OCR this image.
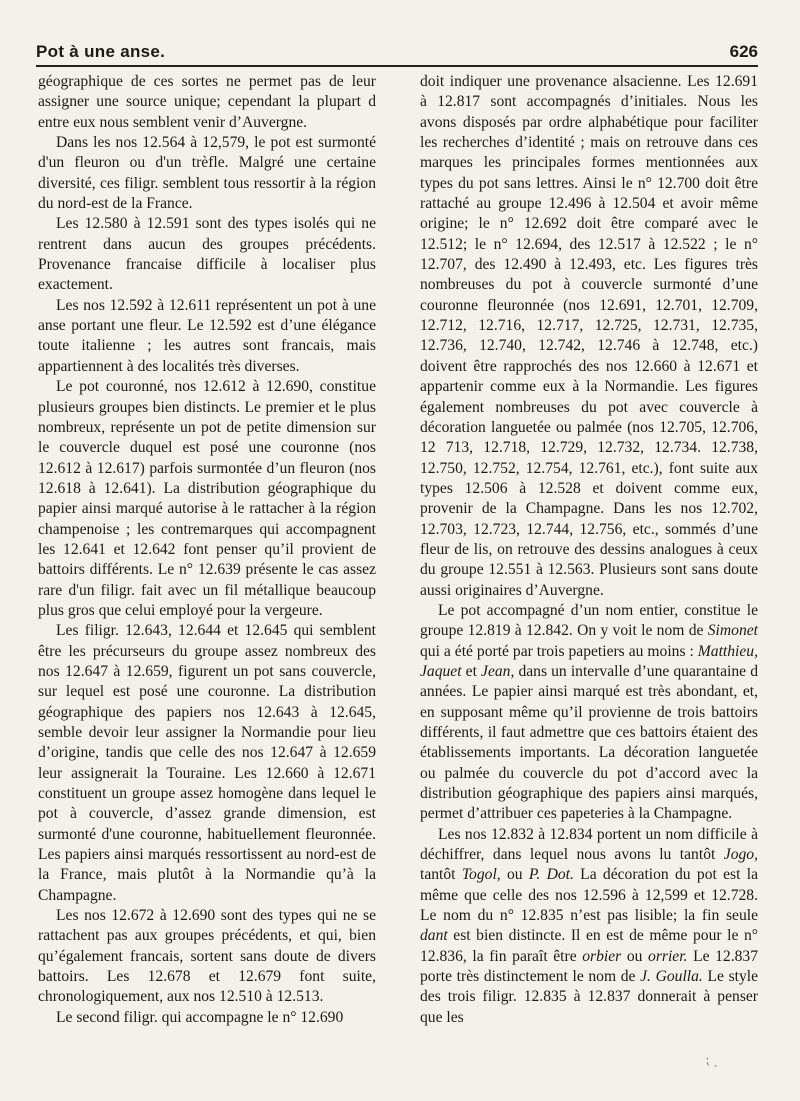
Pot à une anse.	626

géographique de ces sortes ne permet pas de leur assigner une source unique; cependant la plupart d entre eux nous semblent venir d’Auvergne.

Dans les nos 12.564 à 12,579, le pot est surmonté d'un fleuron ou d'un trèfle. Malgré une certaine diversité, ces filigr. semblent tous ressortir à la région du nord-est de la France.

Les 12.580 à 12.591 sont des types isolés qui ne rentrent dans aucun des groupes précédents. Provenance francaise difficile à localiser plus exactement.

Les nos 12.592 à 12.611 représentent un pot à une anse portant une fleur. Le 12.592 est d’une élégance toute italienne ; les autres sont francais, mais appartiennent à des localités très diverses.

Le pot couronné, nos 12.612 à 12.690, constitue plusieurs groupes bien distincts. Le premier et le plus nombreux, représente un pot de petite dimension sur le couvercle duquel est posé une couronne (nos 12.612 à 12.617) parfois surmontée d’un fleuron (nos 12.618 à 12.641). La distribution géographique du papier ainsi marqué autorise à le rattacher à la région champenoise ; les contremarques qui accompagnent les 12.641 et 12.642 font penser qu’il provient de battoirs différents. Le n° 12.639 présente le cas assez rare d'un filigr. fait avec un fil métallique beaucoup plus gros que celui employé pour la vergeure.

Les filigr. 12.643, 12.644 et 12.645 qui semblent être les précurseurs du groupe assez nombreux des nos 12.647 à 12.659, figurent un pot sans couvercle, sur lequel est posé une couronne. La distribution géographique des papiers nos 12.643 à 12.645, semble devoir leur assigner la Normandie pour lieu d’origine, tandis que celle des nos 12.647 à 12.659 leur assignerait la Touraine. Les 12.660 à 12.671 constituent un groupe assez homogène dans lequel le pot à couvercle, d’assez grande dimension, est surmonté d'une couronne, habituellement fleuronnée. Les papiers ainsi marqués ressortissent au nord-est de la France, mais plutôt à la Normandie qu’à la Champagne.

Les nos 12.672 à 12.690 sont des types qui ne se rattachent pas aux groupes précédents, et qui, bien qu’également francais, sortent sans doute de divers battoirs. Les 12.678 et 12.679 font suite, chronologiquement, aux nos 12.510 à 12.513.

Le second filigr. qui accompagne le n° 12.690

doit indiquer une provenance alsacienne. Les 12.691 à 12.817 sont accompagnés d’initiales. Nous les avons disposés par ordre alphabétique pour faciliter les recherches d’identité ; mais on retrouve dans ces marques les principales formes mentionnées aux types du pot sans lettres. Ainsi le n° 12.700 doit être rattaché au groupe 12.496 à 12.504 et avoir même origine; le n° 12.692 doit être comparé avec le 12.512; le n° 12.694, des 12.517 à 12.522 ; le n° 12.707, des 12.490 à 12.493, etc. Les figures très nombreuses du pot à couvercle surmonté d’une couronne fleuronnée (nos 12.691, 12.701, 12.709, 12.712, 12.716, 12.717, 12.725, 12.731, 12.735, 12.736, 12.740, 12.742, 12.746 à 12.748, etc.) doivent être rapprochés des nos 12.660 à 12.671 et appartenir comme eux à la Normandie. Les figures également nombreuses du pot avec couvercle à décoration languetée ou palmée (nos 12.705, 12.706, 12 713, 12.718, 12.729, 12.732, 12.734. 12.738, 12.750, 12.752, 12.754, 12.761, etc.), font suite aux types 12.506 à 12.528 et doivent comme eux, provenir de la Champagne. Dans les nos 12.702, 12.703, 12.723, 12.744, 12.756, etc., sommés d’une fleur de lis, on retrouve des dessins analogues à ceux du groupe 12.551 à 12.563. Plusieurs sont sans doute aussi originaires d’Auvergne.

Le pot accompagné d’un nom entier, constitue le groupe 12.819 à 12.842. On y voit le nom de Simonet qui a été porté par trois papetiers au moins : Matthieu, Jaquet et Jean, dans un intervalle d’une quarantaine d années. Le papier ainsi marqué est très abondant, et, en supposant même qu’il provienne de trois battoirs différents, il faut admettre que ces battoirs étaient des établissements importants. La décoration languetée ou palmée du couvercle du pot d’accord avec la distribution géographique des papiers ainsi marqués, permet d’attribuer ces papeteries à la Champagne.

Les nos 12.832 à 12.834 portent un nom difficile à déchiffrer, dans lequel nous avons lu tantôt Jogo, tantôt Togol, ou P. Dot. La décoration du pot est la même que celle des nos 12.596 à 12,599 et 12.728. Le nom du n° 12.835 n’est pas lisible; la fin seule dant est bien distincte. Il en est de même pour le n° 12.836, la fin paraît être orbier ou orrier. Le 12.837 porte très distinctement le nom de J. Goulla. Le style des trois filigr. 12.835 à 12.837 donnerait à penser que les

⁏ ˎ
